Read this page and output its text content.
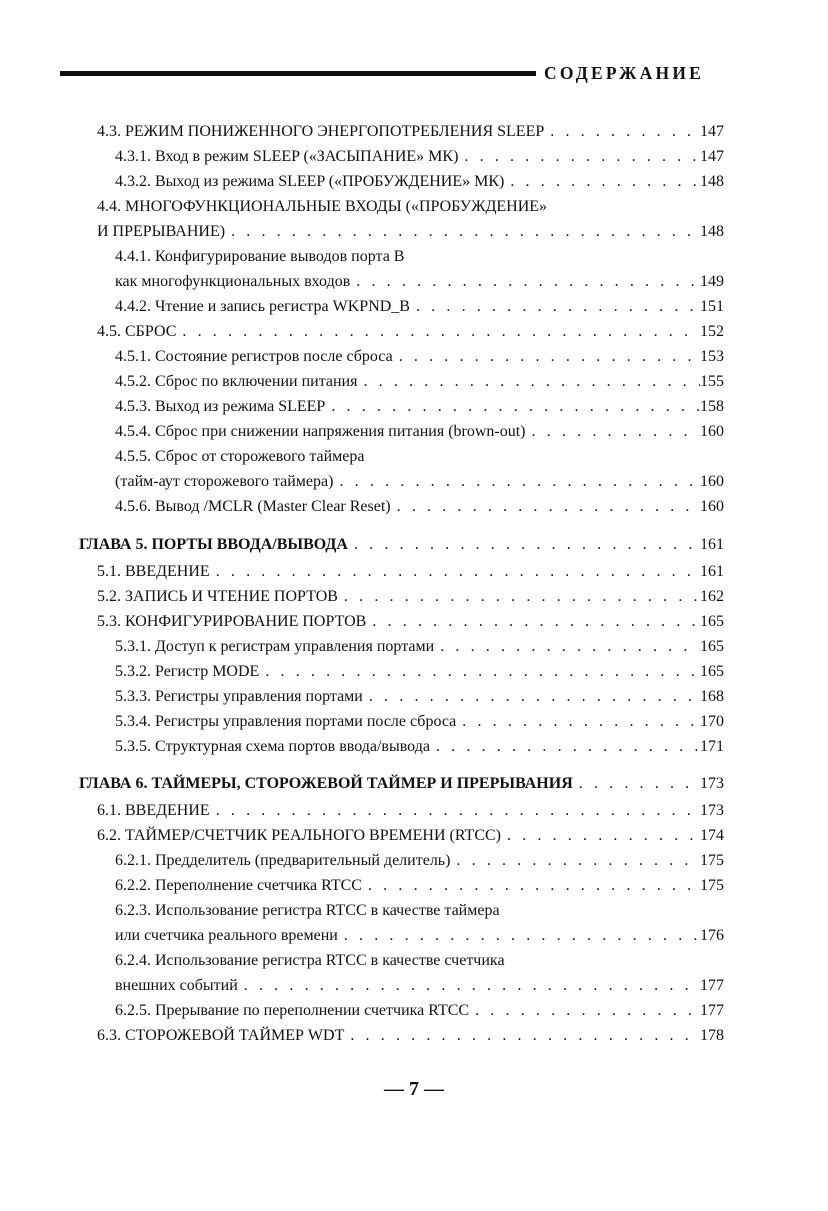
СОДЕРЖАНИЕ
4.3. РЕЖИМ ПОНИЖЕННОГО ЭНЕРГОПОТРЕБЛЕНИЯ SLEEP . . .	147
4.3.1. Вход в режим SLEEP («ЗАСЫПАНИЕ» МК) . . .	147
4.3.2. Выход из режима SLEEP («ПРОБУЖДЕНИЕ» МК) . . .	148
4.4. МНОГОФУНКЦИОНАЛЬНЫЕ ВХОДЫ («ПРОБУЖДЕНИЕ»
И ПРЕРЫВАНИЕ) . . .	148
4.4.1. Конфигурирование выводов порта В
как многофункциональных входов . . .	149
4.4.2. Чтение и запись регистра WKPND_B . . .	151
4.5. СБРОС . . .	152
4.5.1. Состояние регистров после сброса . . .	153
4.5.2. Сброс по включении питания . . .	155
4.5.3. Выход из режима SLEEP . . .	158
4.5.4. Сброс при снижении напряжения питания (brown-out) . . .	160
4.5.5. Сброс от сторожевого таймера
(тайм-аут сторожевого таймера) . . .	160
4.5.6. Вывод /MCLR (Master Clear Reset) . . .	160
ГЛАВА 5. ПОРТЫ ВВОДА/ВЫВОДА . . .	161
5.1. ВВЕДЕНИЕ . . .	161
5.2. ЗАПИСЬ И ЧТЕНИЕ ПОРТОВ . . .	162
5.3. КОНФИГУРИРОВАНИЕ ПОРТОВ . . .	165
5.3.1. Доступ к регистрам управления портами . . .	165
5.3.2. Регистр MODE . . .	165
5.3.3. Регистры управления портами . . .	168
5.3.4. Регистры управления портами после сброса . . .	170
5.3.5. Структурная схема портов ввода/вывода . . .	171
ГЛАВА 6. ТАЙМЕРЫ, СТОРОЖЕВОЙ ТАЙМЕР И ПРЕРЫВАНИЯ . . .	173
6.1. ВВЕДЕНИЕ . . .	173
6.2. ТАЙМЕР/СЧЕТЧИК РЕАЛЬНОГО ВРЕМЕНИ (RTCC) . . .	174
6.2.1. Предделитель (предварительный делитель) . . .	175
6.2.2. Переполнение счетчика RTCC . . .	175
6.2.3. Использование регистра RTCC в качестве таймера
или счетчика реального времени . . .	176
6.2.4. Использование регистра RTCC в качестве счетчика
внешних событий . . .	177
6.2.5. Прерывание по переполнении счетчика RTCC . . .	177
6.3. СТОРОЖЕВОЙ ТАЙМЕР WDT . . .	178
— 7 —
